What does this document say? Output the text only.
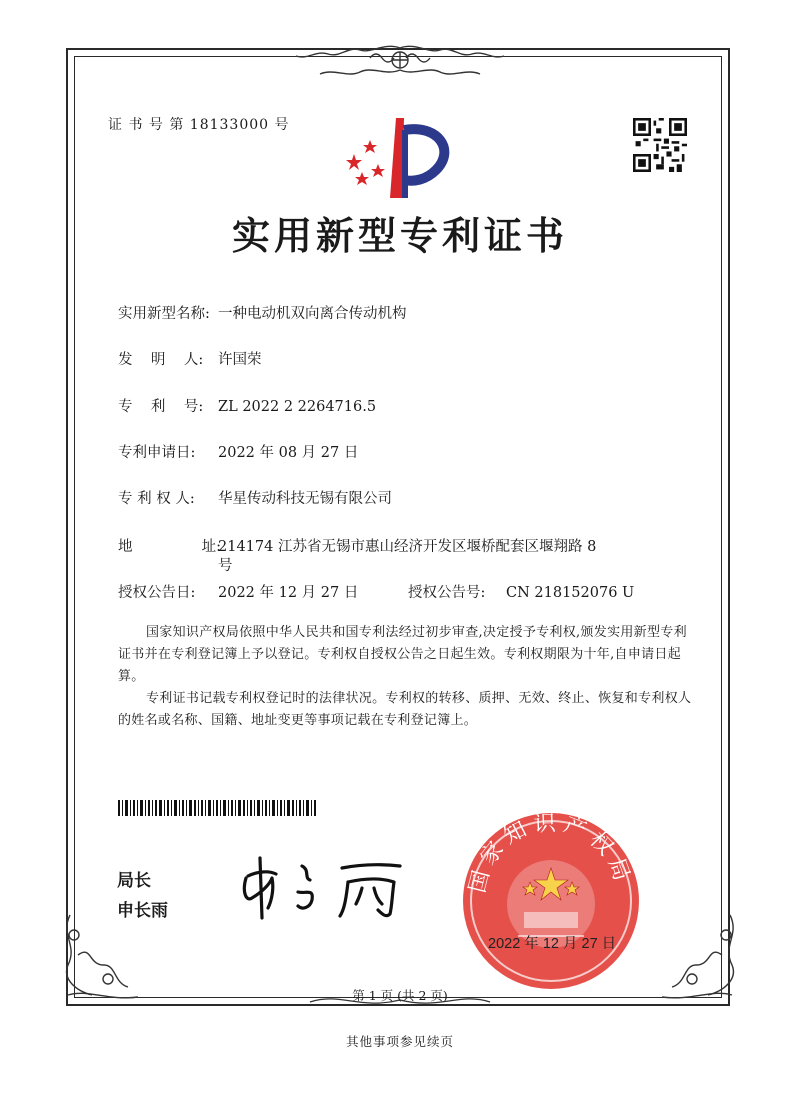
证 书 号 第 18133000 号
实用新型专利证书
实用新型名称: 一种电动机双向离合传动机构
发    明    人: 许国荣
专    利    号: ZL 2022 2 2264716.5
专利申请日: 2022 年 08 月 27 日
专 利 权 人: 华星传动科技无锡有限公司
地               址:
214174 江苏省无锡市惠山经济开发区堰桥配套区堰翔路 8
号
授权公告日: 2022 年 12 月 27 日	授权公告号: CN 218152076 U
国家知识产权局依照中华人民共和国专利法经过初步审查,决定授予专利权,颁发实用新型专利证书并在专利登记簿上予以登记。专利权自授权公告之日起生效。专利权期限为十年,自申请日起算。
专利证书记载专利权登记时的法律状况。专利权的转移、质押、无效、终止、恢复和专利权人的姓名或名称、国籍、地址变更等事项记载在专利登记簿上。
局长
申长雨
国家知识产权局
2022 年 12 月 27 日
第 1 页 (共 2 页)
其他事项参见续页
